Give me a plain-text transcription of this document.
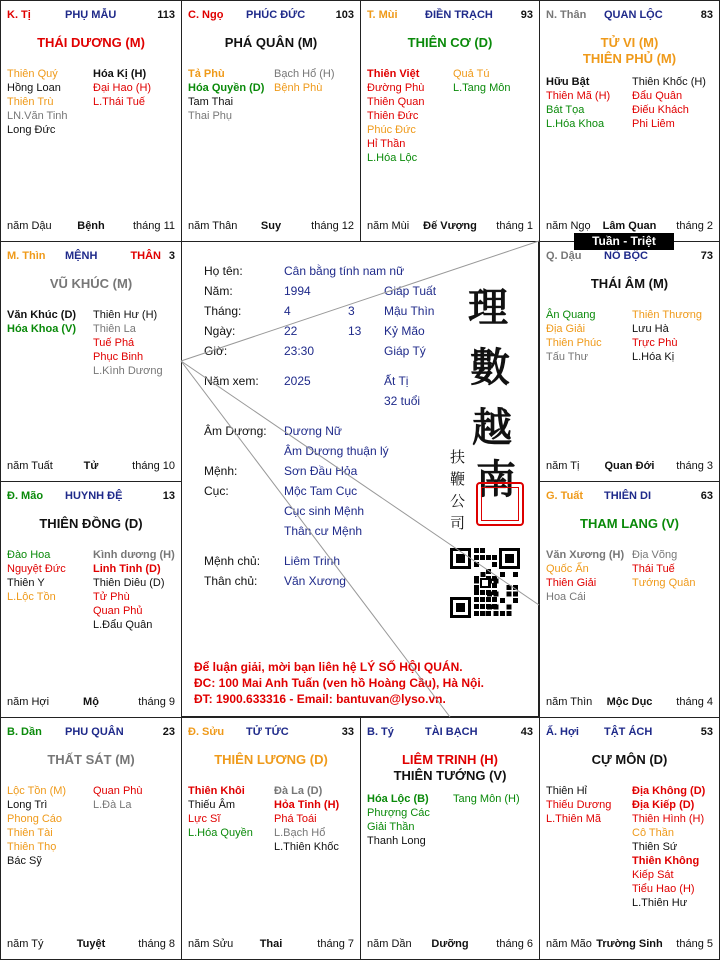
K. Tị	PHỤ MẪU	113
THÁI DƯƠNG (M)
Thiên Quý
Hồng Loan
Thiên Trù
LN.Văn Tinh
Long Đức
Hóa Kị (H)
Đại Hao (H)
L.Thái Tuế
năm Dậu	Bệnh	tháng 11
C. Ngọ PHÚC ĐỨC	103
PHÁ QUÂN (M)
Tả Phù
Hóa Quyền (D)
Tam Thai
Thai Phụ
Bạch Hổ (H)
Bệnh Phù
năm Thân	Suy	tháng 12
T. Mùi ĐIỀN TRẠCH	93
THIÊN CƠ (D)
Thiên Việt
Đường Phù
Thiên Quan
Thiên Đức
Phúc Đức
Hỉ Thần
L.Hóa Lộc
Quả Tú
L.Tang Môn
năm Mùi	Đế Vượng	tháng 1
N. Thân QUAN LỘC	83
TỬ VI (M)
THIÊN PHỦ (M)
Hữu Bật
Thiên Mã (H)
Bát Tọa
L.Hóa Khoa
Thiên Khốc (H)
Đẩu Quân
Điếu Khách
Phi Liêm
năm Ngọ	Lâm Quan	tháng 2
M. Thìn MỆNH	THÂN 3
VŨ KHÚC (M)
Văn Khúc (D)
Hóa Khoa (V)
Thiên Hư (H)
Thiên La
Tuế Phá
Phục Binh
L.Kình Dương
năm Tuất	Tử	tháng 10
Q. Dậu NÔ BỘC	73
THÁI ÂM (M)
Ân Quang
Địa Giải
Thiên Phúc
Tấu Thư
Thiên Thương
Lưu Hà
Trực Phù
L.Hóa Kị
năm Tị	Quan Đới	tháng 3
Đ. Mão HUYNH ĐỆ	13
THIÊN ĐỒNG (D)
Đào Hoa
Nguyệt Đức
Thiên Y
L.Lộc Tồn
Kình dương (H)
Linh Tinh (D)
Thiên Diêu (D)
Tử Phù
Quan Phủ
L.Đẩu Quân
năm Hợi	Mộ	tháng 9
G. Tuất THIÊN DI	63
THAM LANG (V)
Văn Xương (H)
Quốc Ấn
Thiên Giải
Hoa Cái
Địa Võng
Thái Tuế
Tướng Quân
năm Thìn	Mộc Dục	tháng 4
B. Dần PHU QUÂN	23
THẤT SÁT (M)
Lộc Tồn (M)
Long Trì
Phong Cáo
Thiên Tài
Thiên Thọ
Bác Sỹ
Quan Phù
L.Đà La
năm Tý	Tuyệt	tháng 8
Đ. Sửu TỬ TỨC	33
THIÊN LƯƠNG (D)
Thiên Khôi
Thiếu Âm
Lực Sĩ
L.Hóa Quyền
Đà La (D)
Hỏa Tinh (H)
Phá Toái
L.Bạch Hổ
L.Thiên Khốc
năm Sửu	Thai	tháng 7
B. Tý	TÀI BẠCH	43
LIÊM TRINH (H)
THIÊN TƯỚNG (V)
Hóa Lộc (B)
Phượng Các
Giải Thần
Thanh Long
Tang Môn (H)
năm Dần	Dưỡng	tháng 6
Ấ. Hợi TẬT ÁCH	53
CỰ MÔN (D)
Thiên Hỉ
Thiếu Dương
L.Thiên Mã
Địa Không (D)
Địa Kiếp (D)
Thiên Hình (H)
Cô Thần
Thiên Sứ
Thiên Không
Kiếp Sát
Tiểu Hao (H)
L.Thiên Hư
năm Mão Trường Sinh	tháng 5
Họ tên:	Cân bằng tính nam nữ
Năm:	1994	Giáp Tuất
Tháng:	4	3 Mậu Thìn
Ngày:	22	13 Kỷ Mão
Giờ:	23:30	Giáp Tý
Năm xem: 2025	Ất Tị
32 tuổi
Âm Dương: Dương Nữ
Âm Dương thuận lý
Mệnh:	Sơn Đầu Hỏa
Cục:	Mộc Tam Cục
Cục sinh Mệnh
Thân cư Mệnh
Mệnh chủ: Liêm Trinh
Thân chủ: Văn Xương
理
數
越
南
扶
鞭
公
司
Để luận giải, mời bạn liên hệ LÝ SỐ HỘI QUÁN.
ĐC: 100 Mai Anh Tuấn (ven hồ Hoàng Cầu), Hà Nội.
ĐT: 1900.633316 - Email: bantuvan@lyso.vn.
Tuần - Triệt
